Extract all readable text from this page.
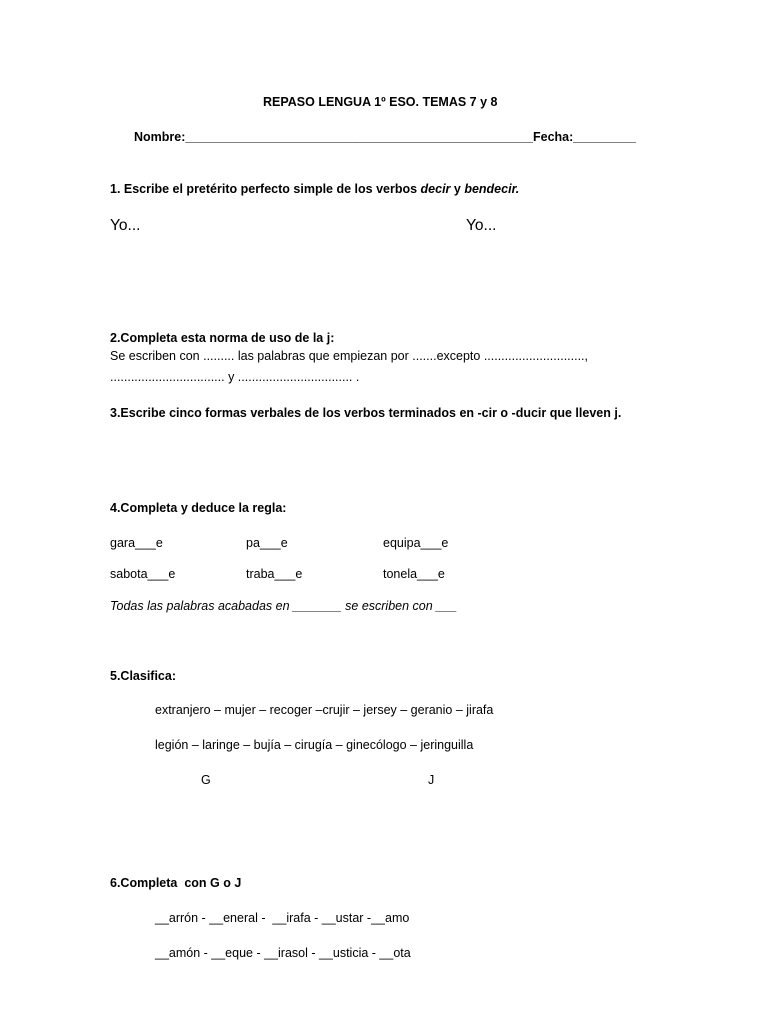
REPASO LENGUA 1º ESO. TEMAS 7 y 8
Nombre:__________________________________________________Fecha:_________
1. Escribe el pretérito perfecto simple de los verbos decir y bendecir.
Yo...	Yo...
2.Completa esta norma de uso de la j:
Se escriben con ......... las palabras que empiezan por .......excepto .............................,
................................. y ................................. .
3.Escribe cinco formas verbales de los verbos terminados en -cir o -ducir que lleven j.
4.Completa y deduce la regla:
gara___e	pa___e	equipa___e
sabota___e	traba___e	tonela___e
Todas las palabras acabadas en _______ se escriben con ___
5.Clasifica:
extranjero – mujer – recoger –crujir – jersey – geranio – jirafa
legión – laringe – bujía – cirugía – ginecólogo – jeringuilla
G	J
6.Completa  con G o J
__arrón - __eneral -  __irafa - __ustar -__amo
__amón - __eque - __irasol - __usticia - __ota
